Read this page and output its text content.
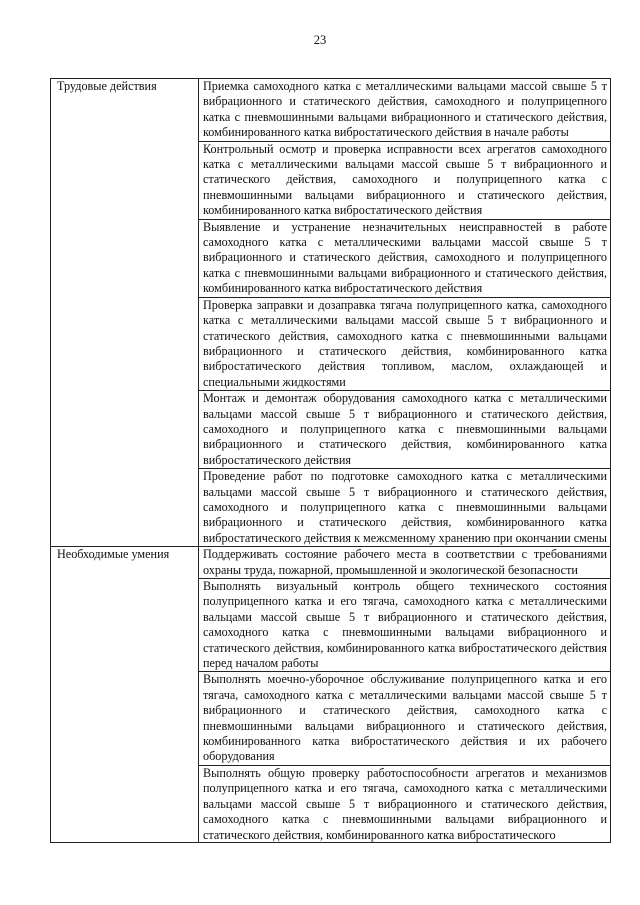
23
Трудовые действия	Приемка самоходного катка с металлическими вальцами массой свыше 5 т вибрационного и статического действия, самоходного и полуприцепного катка с пневмошинными вальцами вибрационного и статического действия, комбинированного катка вибростатического действия в начале работы
	Контрольный осмотр и проверка исправности всех агрегатов самоходного катка с металлическими вальцами массой свыше 5 т вибрационного и статического действия, самоходного и полуприцепного катка с пневмошинными вальцами вибрационного и статического действия, комбинированного катка вибростатического действия
	Выявление и устранение незначительных неисправностей в работе самоходного катка с металлическими вальцами массой свыше 5 т вибрационного и статического действия, самоходного и полуприцепного катка с пневмошинными вальцами вибрационного и статического действия, комбинированного катка вибростатического действия
	Проверка заправки и дозаправка тягача полуприцепного катка, самоходного катка с металлическими вальцами массой свыше 5 т вибрационного и статического действия, самоходного катка с пневмошинными вальцами вибрационного и статического действия, комбинированного катка вибростатического действия топливом, маслом, охлаждающей и специальными жидкостями
	Монтаж и демонтаж оборудования самоходного катка с металлическими вальцами массой свыше 5 т вибрационного и статического действия, самоходного и полуприцепного катка с пневмошинными вальцами вибрационного и статического действия, комбинированного катка вибростатического действия
	Проведение работ по подготовке самоходного катка с металлическими вальцами массой свыше 5 т вибрационного и статического действия, самоходного и полуприцепного катка с пневмошинными вальцами вибрационного и статического действия, комбинированного катка вибростатического действия к межсменному хранению при окончании смены
Необходимые умения	Поддерживать состояние рабочего места в соответствии с требованиями охраны труда, пожарной, промышленной и экологической безопасности
	Выполнять визуальный контроль общего технического состояния полуприцепного катка и его тягача, самоходного катка с металлическими вальцами массой свыше 5 т вибрационного и статического действия, самоходного катка с пневмошинными вальцами вибрационного и статического действия, комбинированного катка вибростатического действия перед началом работы
	Выполнять моечно-уборочное обслуживание полуприцепного катка и его тягача, самоходного катка с металлическими вальцами массой свыше 5 т вибрационного и статического действия, самоходного катка с пневмошинными вальцами вибрационного и статического действия, комбинированного катка вибростатического действия и их рабочего оборудования

	Выполнять общую проверку работоспособности агрегатов и механизмов полуприцепного катка и его тягача, самоходного катка с металлическими вальцами массой свыше 5 т вибрационного и статического действия, самоходного катка с пневмошинными вальцами вибрационного и статического действия, комбинированного катка вибростатического
